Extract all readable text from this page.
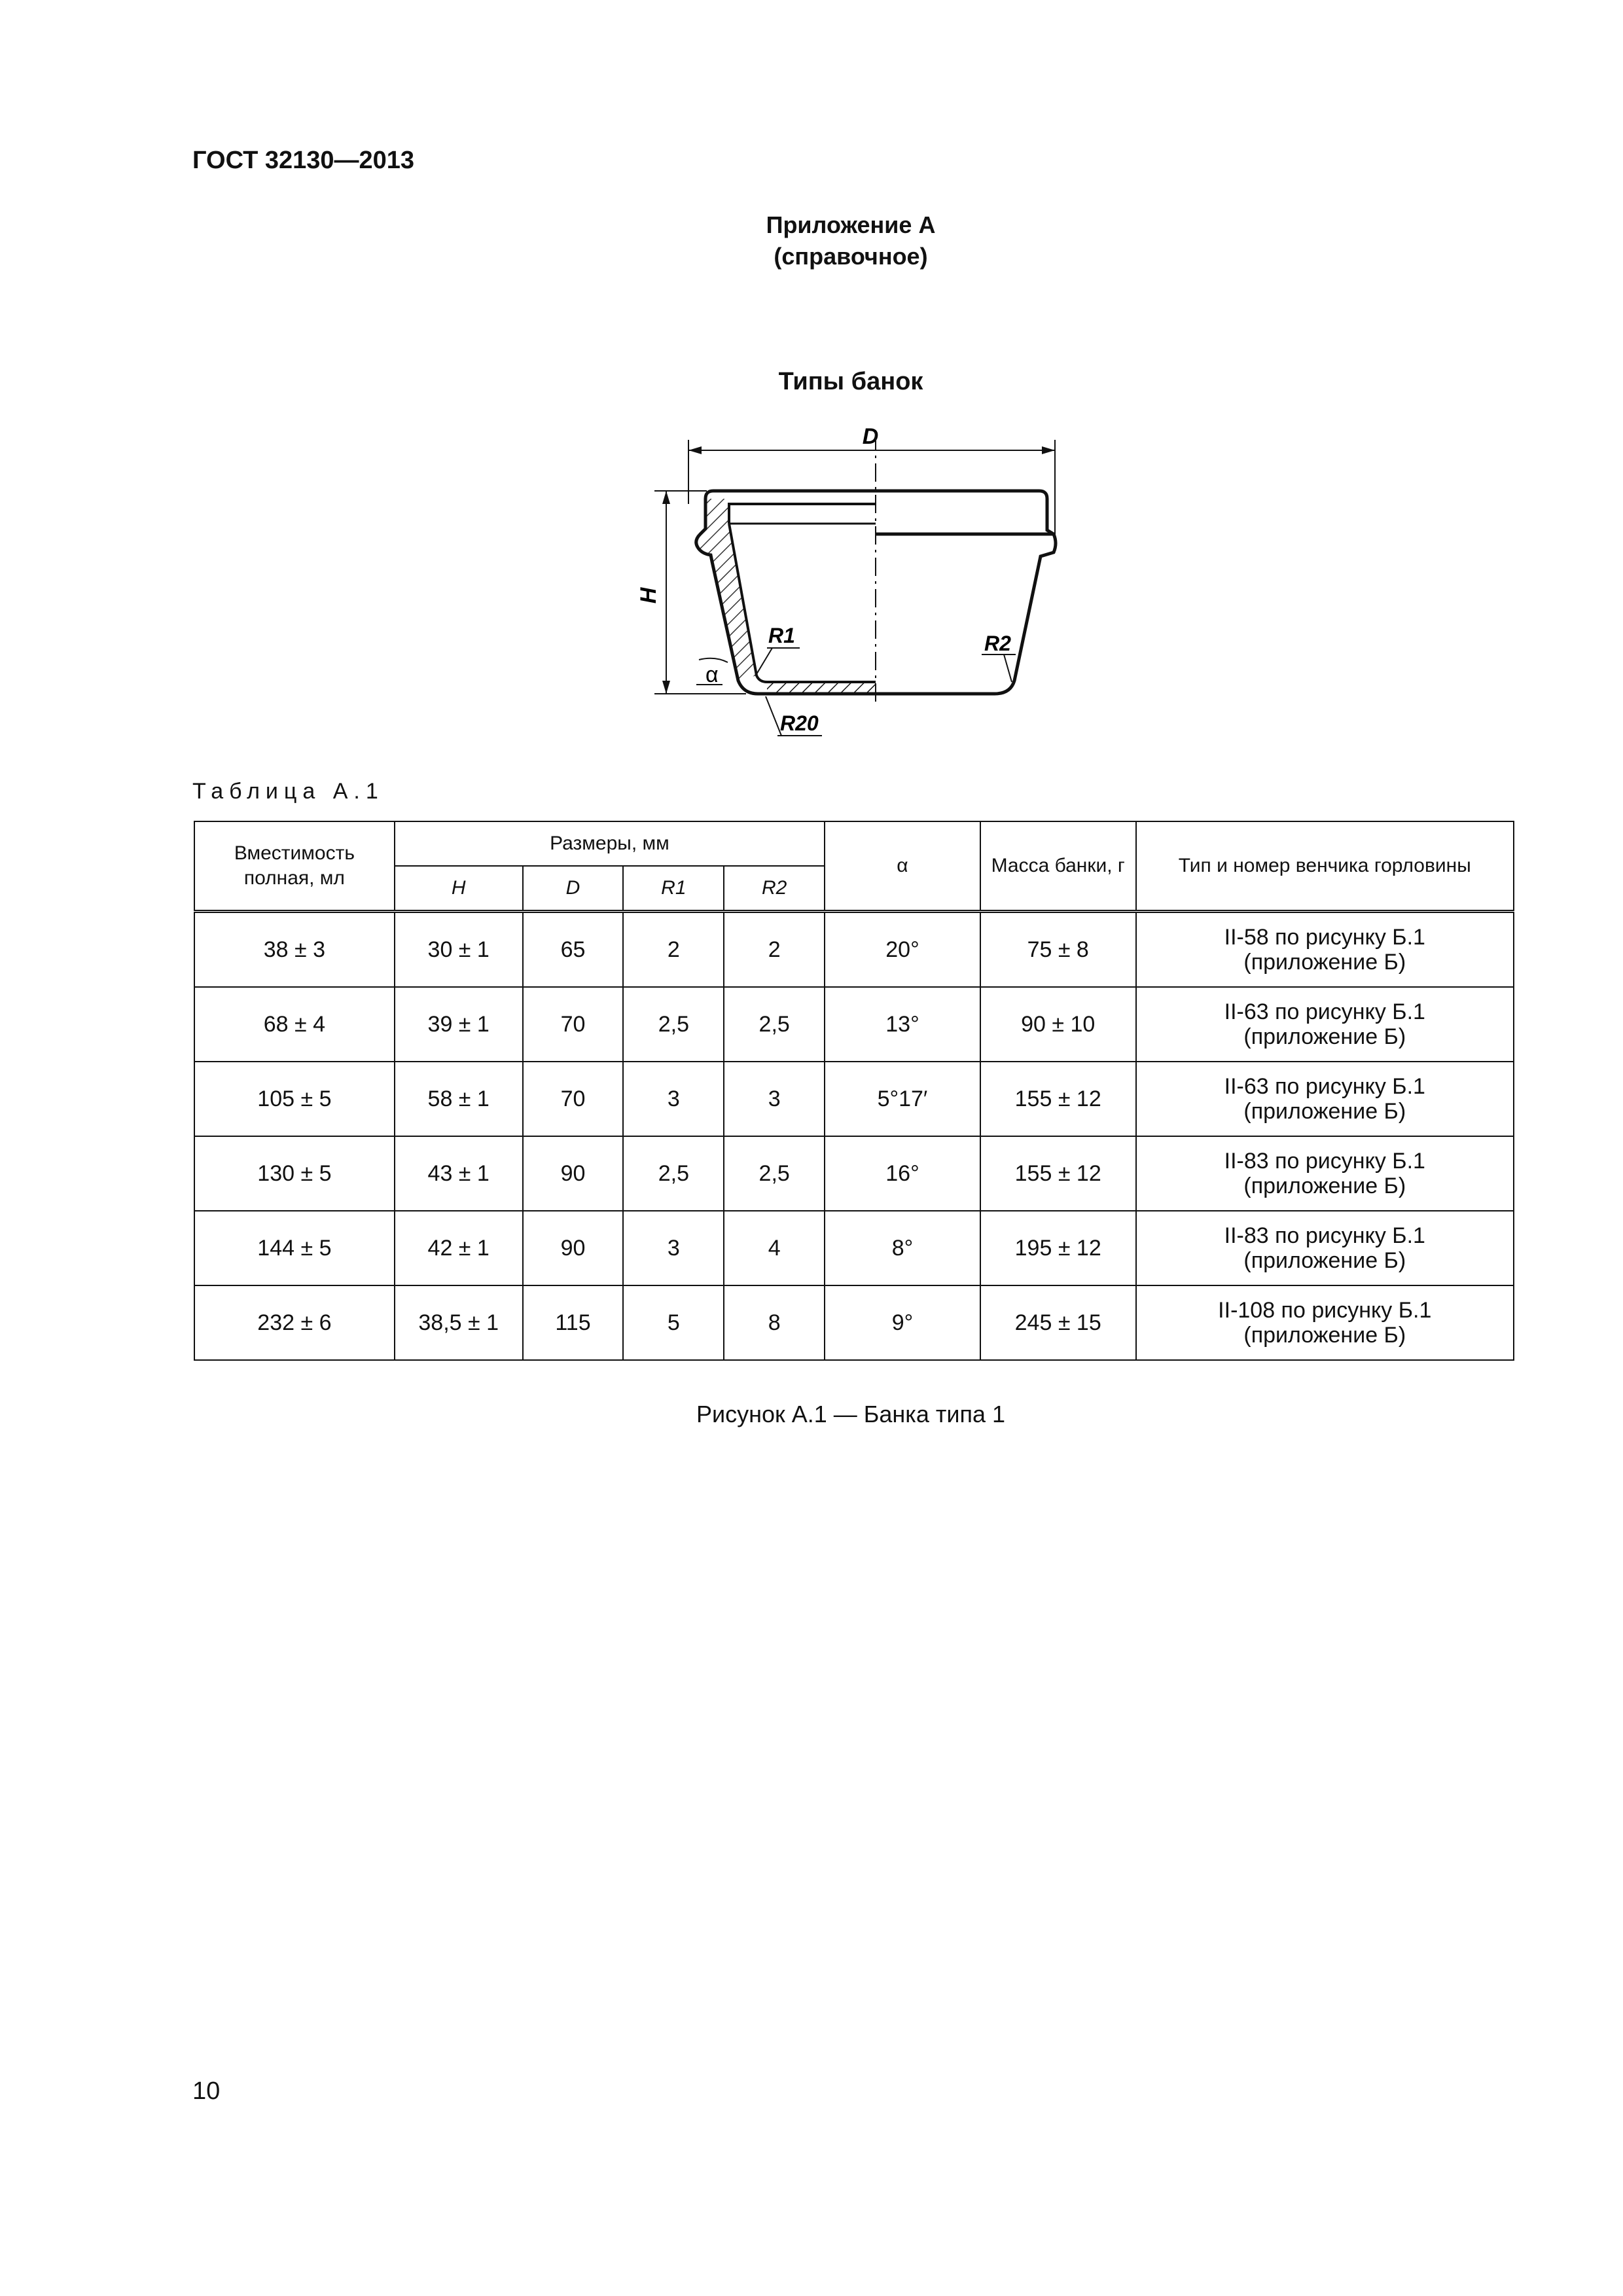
ГОСТ 32130—2013
Приложение А
(справочное)
Типы банок
D
H
R1	R2
R20
α
Таблица А.1
Вместимость полная, мл	Размеры, мм				α	Масса банки, г	Тип и номер венчика горловины
	H	D	R1	R2			
38 ± 3	30 ± 1	65	2	2	20°	75 ± 8	II-58 по рисунку Б.1
(приложение Б)

68 ± 4	39 ± 1	70	2,5	2,5	13°	90 ± 10	II-63 по рисунку Б.1
(приложение Б)

105 ± 5	58 ± 1	70	3	3	5°17′	155 ± 12	II-63 по рисунку Б.1
(приложение Б)

130 ± 5	43 ± 1	90	2,5	2,5	16°	155 ± 12	II-83 по рисунку Б.1
(приложение Б)

144 ± 5	42 ± 1	90	3	4	8°	195 ± 12	II-83 по рисунку Б.1
(приложение Б)

232 ± 6	38,5 ± 1	115	5	8	9°	245 ± 15	II-108 по рисунку Б.1
(приложение Б)
Рисунок А.1 — Банка типа 1
10
